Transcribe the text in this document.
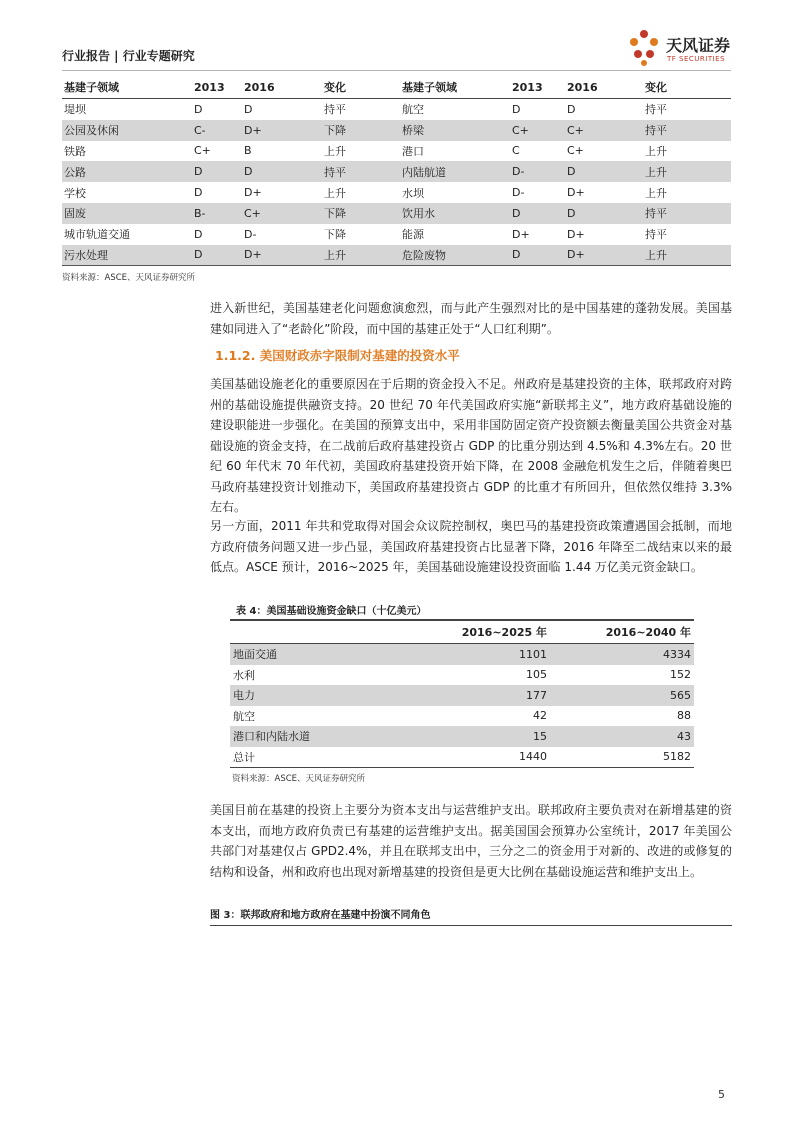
行业报告 | 行业专题研究
天风证券
TF SECURITIES
基建子领域	2013	2016	变化	基建子领域	2013	2016	变化
堤坝	D	D	持平	航空	D	D	持平
公园及休闲	C-	D+	下降	桥梁	C+	C+	持平
铁路	C+	B	上升	港口	C	C+	上升
公路	D	D	持平	内陆航道	D-	D	上升
学校	D	D+	上升	水坝	D-	D+	上升
固废	B-	C+	下降	饮用水	D	D	持平
城市轨道交通	D	D-	下降	能源	D+	D+	持平
污水处理	D	D+	上升	危险废物	D	D+	上升
资料来源：ASCE、天风证券研究所

进入新世纪，美国基建老化问题愈演愈烈，而与此产生强烈对比的是中国基建的蓬勃发展。美国基建如同进入了“老龄化”阶段，而中国的基建正处于“人口红利期”。

1.1.2. 美国财政赤字限制对基建的投资水平

美国基础设施老化的重要原因在于后期的资金投入不足。州政府是基建投资的主体，联邦政府对跨州的基础设施提供融资支持。20 世纪 70 年代美国政府实施“新联邦主义”，地方政府基础设施的建设职能进一步强化。在美国的预算支出中，采用非国防固定资产投资额去衡量美国公共资金对基础设施的资金支持，在二战前后政府基建投资占 GDP 的比重分别达到 4.5%和 4.3%左右。20 世纪 60 年代末 70 年代初，美国政府基建投资开始下降，在 2008 金融危机发生之后，伴随着奥巴马政府基建投资计划推动下，美国政府基建投资占 GDP 的比重才有所回升，但依然仅维持 3.3%左右。

另一方面，2011 年共和党取得对国会众议院控制权，奥巴马的基建投资政策遭遇国会抵制，而地方政府债务问题又进一步凸显，美国政府基建投资占比显著下降，2016 年降至二战结束以来的最低点。ASCE 预计，2016~2025 年，美国基础设施建设投资面临 1.44 万亿美元资金缺口。

表 4：美国基础设施资金缺口（十亿美元）
	2016~2025 年	2016~2040 年
地面交通	1101	4334
水利	105	152
电力	177	565
航空	42	88
港口和内陆水道	15	43
总计	1440	5182
资料来源：ASCE、天风证券研究所

美国目前在基建的投资上主要分为资本支出与运营维护支出。联邦政府主要负责对在新增基建的资本支出，而地方政府负责已有基建的运营维护支出。据美国国会预算办公室统计，2017 年美国公共部门对基建仅占 GPD2.4%，并且在联邦支出中，三分之二的资金用于对新的、改进的或修复的结构和设备，州和政府也出现对新增基建的投资但是更大比例在基础设施运营和维护支出上。

图 3：联邦政府和地方政府在基建中扮演不同角色
5
